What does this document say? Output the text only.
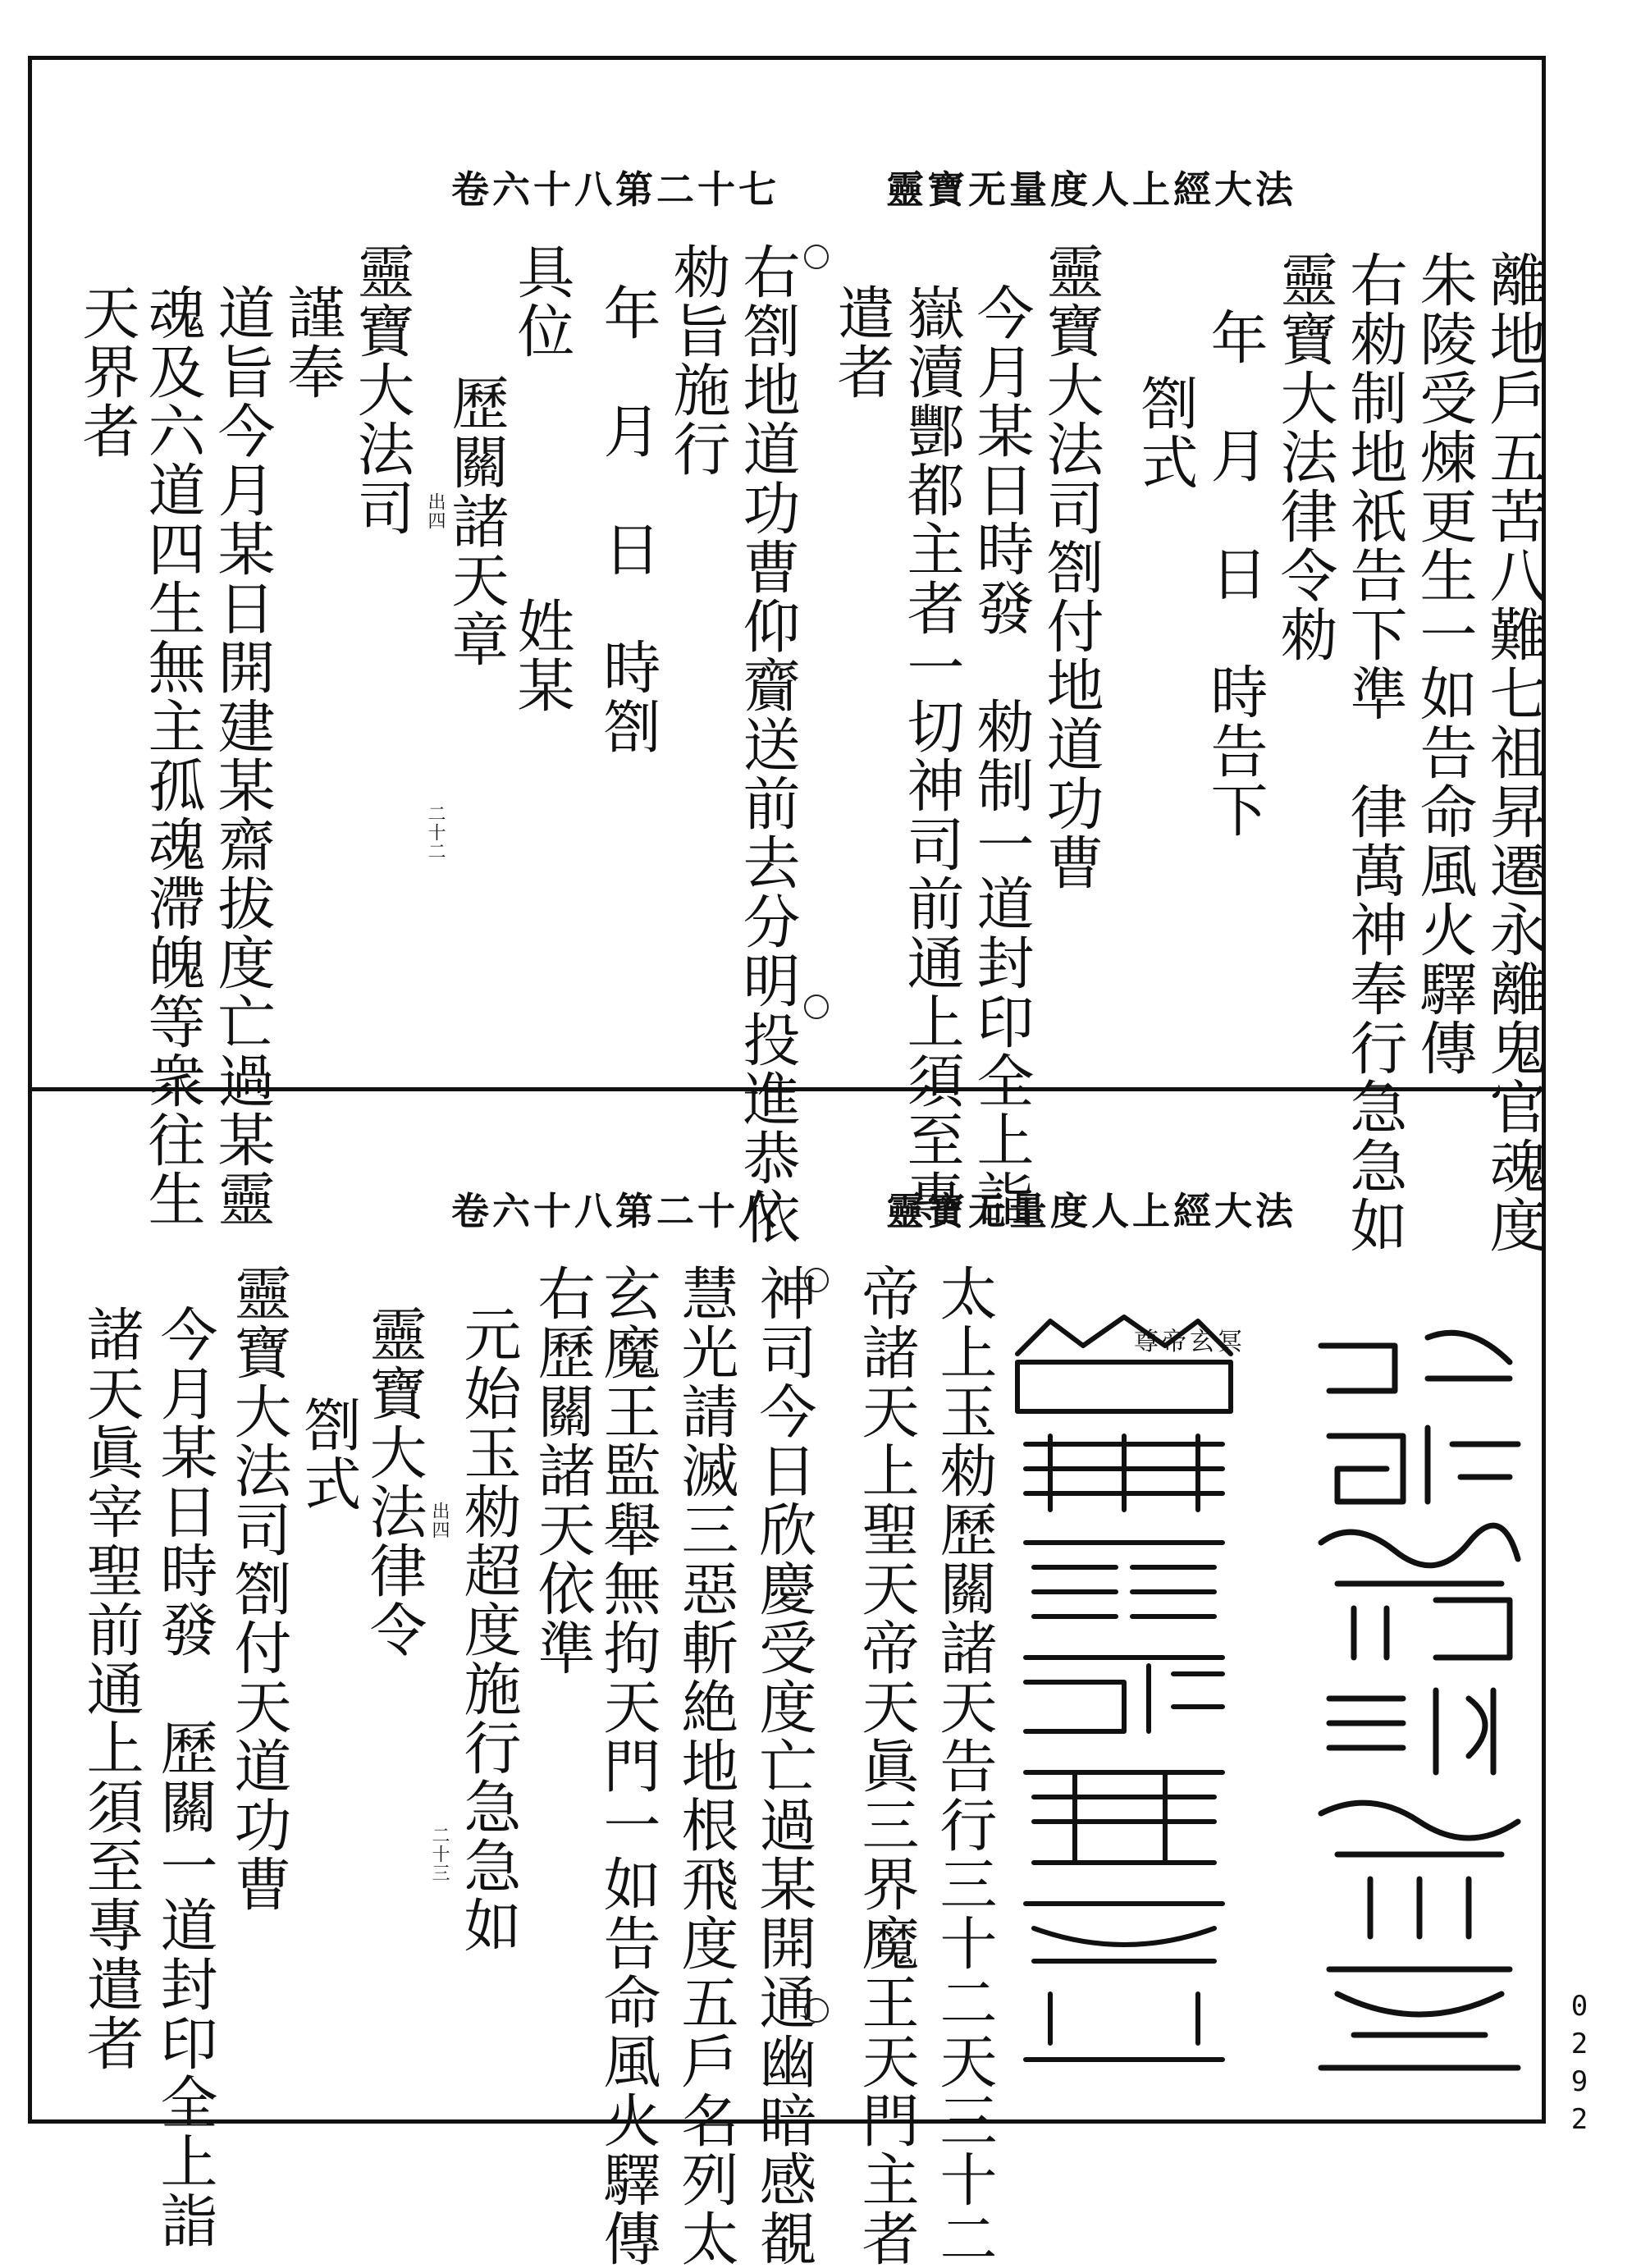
靈寶无量度人上經大法
卷六十八第二十七
離地戶五苦八難七祖昇遷永離鬼官魂度
朱陵受煉更生一如告命風火驛傳
右勑制地祇告下準　律萬神奉行急急如
靈寶大法律令勑
年　月　日　時告下
劄式
靈寶大法司劄付地道功曹
今月某日時發　勑制一道封印全上詣
嶽瀆酆都主者一切神司前通上須至專
遣者
右劄地道功曹仰齎送前去分明投進恭依
勑旨施行
年　月　日　時劄
具位　　　　姓某
歷關諸天章
靈寶大法司
謹奉
道旨今月某日開建某齋拔度亡過某靈
魂及六道四生無主孤魂滯魄等衆往生
天界者
出四
二十二
靈寶无量度人上經大法
卷六十八第二十八
尊帝玄冥
太上玉勑歷關諸天告行三十二天三十二
帝諸天上聖天帝天眞三界魔王天門主者
神司今日欣慶受度亡過某開通幽暗感覩
慧光請滅三惡斬絶地根飛度五戶名列太
玄魔王監舉無拘天門一如告命風火驛傳
右歷關諸天依準
元始玉勑超度施行急急如
靈寶大法律令
劄式
靈寶大法司劄付天道功曹
今月某日時發　歷關一道封印全上詣
諸天眞宰聖前通上須至專遣者	出四
二十三
0292
